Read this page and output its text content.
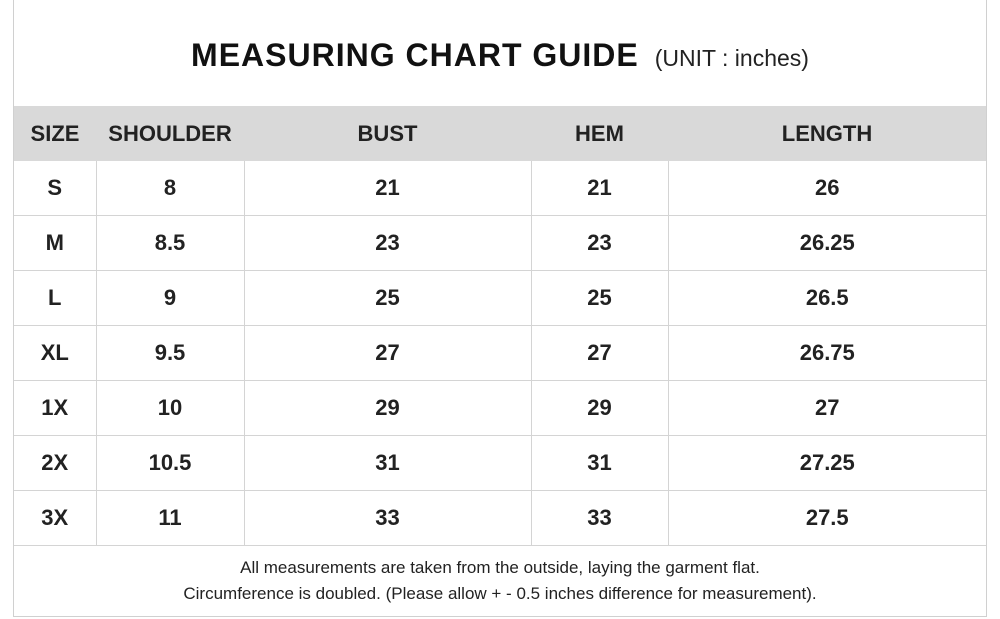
MEASURING CHART GUIDE (UNIT : inches)
SIZE	SHOULDER	BUST	HEM	LENGTH
S	8	21	21	26
M	8.5	23	23	26.25
L	9	25	25	26.5
XL	9.5	27	27	26.75
1X	10	29	29	27
2X	10.5	31	31	27.25
3X	11	33	33	27.5
All measurements are taken from the outside, laying the garment flat.
Circumference is doubled. (Please allow + - 0.5 inches difference for measurement).
